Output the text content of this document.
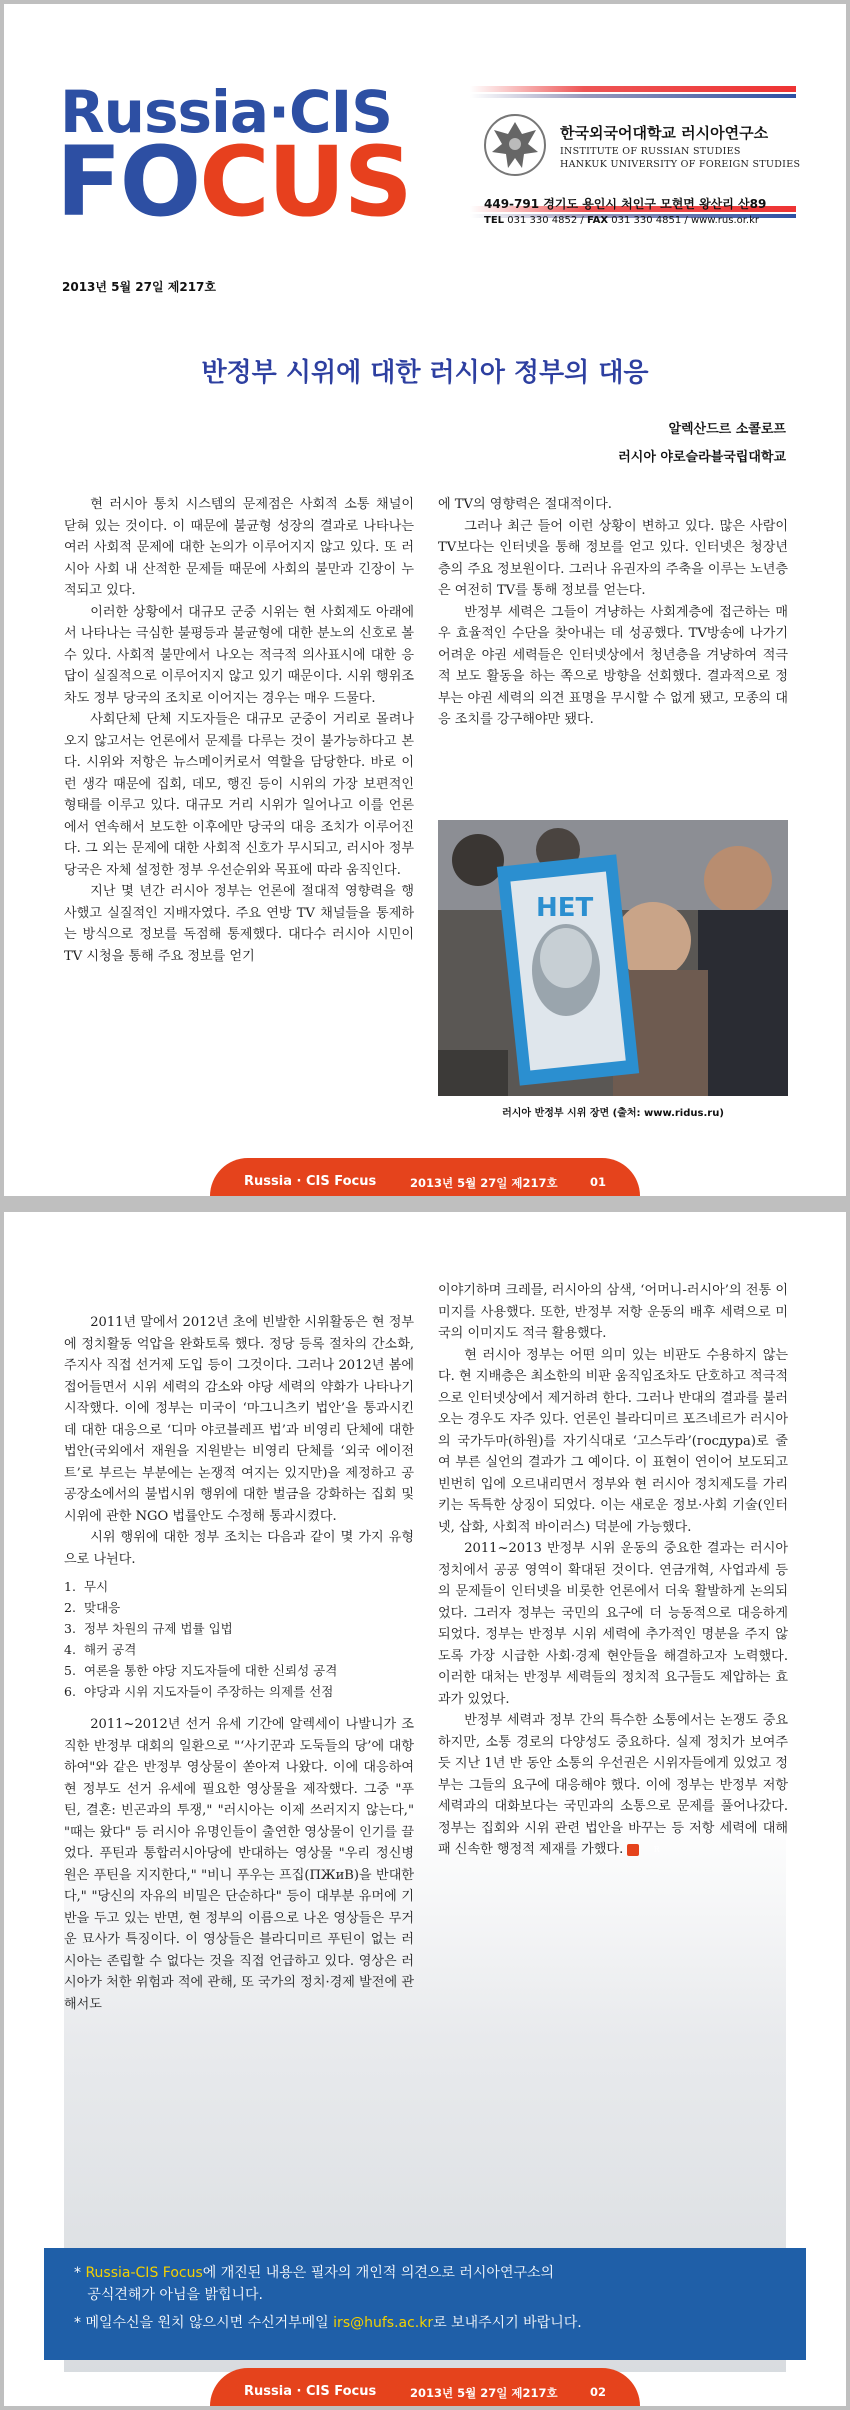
Russia·CIS
FOCUS	한국외국어대학교 러시아연구소
INSTITUTE OF RUSSIAN STUDIES
HANKUK UNIVERSITY OF FOREIGN STUDIES
449-791 경기도 용인시 처인구 모현면 왕산리 산89
TEL 031 330 4852 / FAX 031 330 4851 / www.rus.or.kr
2013년 5월 27일 제217호
반정부 시위에 대한 러시아 정부의 대응
알렉산드르 소콜로프
러시아 야로슬라블국립대학교

현 러시아 통치 시스템의 문제점은 사회적 소통 채널이 닫혀 있는 것이다. 이 때문에 불균형 성장의 결과로 나타나는 여러 사회적 문제에 대한 논의가 이루어지지 않고 있다. 또 러시아 사회 내 산적한 문제들 때문에 사회의 불만과 긴장이 누적되고 있다.

이러한 상황에서 대규모 군중 시위는 현 사회제도 아래에서 나타나는 극심한 불평등과 불균형에 대한 분노의 신호로 볼 수 있다. 사회적 불만에서 나오는 적극적 의사표시에 대한 응답이 실질적으로 이루어지지 않고 있기 때문이다. 시위 행위조차도 정부 당국의 조치로 이어지는 경우는 매우 드물다.

사회단체 단체 지도자들은 대규모 군중이 거리로 몰려나오지 않고서는 언론에서 문제를 다루는 것이 불가능하다고 본다. 시위와 저항은 뉴스메이커로서 역할을 담당한다. 바로 이런 생각 때문에 집회, 데모, 행진 등이 시위의 가장 보편적인 형태를 이루고 있다. 대규모 거리 시위가 일어나고 이를 언론에서 연속해서 보도한 이후에만 당국의 대응 조치가 이루어진다. 그 외는 문제에 대한 사회적 신호가 무시되고, 러시아 정부 당국은 자체 설정한 정부 우선순위와 목표에 따라 움직인다.

지난 몇 년간 러시아 정부는 언론에 절대적 영향력을 행사했고 실질적인 지배자였다. 주요 연방 TV 채널들을 통제하는 방식으로 정보를 독점해 통제했다. 대다수 러시아 시민이 TV 시청을 통해 주요 정보를 얻기

에 TV의 영향력은 절대적이다.

그러나 최근 들어 이런 상황이 변하고 있다. 많은 사람이 TV보다는 인터넷을 통해 정보를 얻고 있다. 인터넷은 청장년층의 주요 정보원이다. 그러나 유권자의 주축을 이루는 노년층은 여전히 TV를 통해 정보를 얻는다.

반정부 세력은 그들이 겨냥하는 사회계층에 접근하는 매우 효율적인 수단을 찾아내는 데 성공했다. TV방송에 나가기 어려운 야권 세력들은 인터넷상에서 청년층을 겨냥하여 적극적 보도 활동을 하는 쪽으로 방향을 선회했다. 결과적으로 정부는 야권 세력의 의견 표명을 무시할 수 없게 됐고, 모종의 대응 조치를 강구해야만 됐다.

HET
러시아 반정부 시위 장면 (출처: www.ridus.ru)
Russia · CIS Focus	2013년 5월 27일 제217호	01

2011년 말에서 2012년 초에 빈발한 시위활동은 현 정부에 정치활동 억압을 완화토록 했다. 정당 등록 절차의 간소화, 주지사 직접 선거제 도입 등이 그것이다. 그러나 2012년 봄에 접어들면서 시위 세력의 감소와 야당 세력의 약화가 나타나기 시작했다. 이에 정부는 미국이 ‘마그니츠키 법안’을 통과시킨 데 대한 대응으로 ‘디마 야코블레프 법’과 비영리 단체에 대한 법안(국외에서 재원을 지원받는 비영리 단체를 ‘외국 에이전트’로 부르는 부분에는 논쟁적 여지는 있지만)을 제정하고 공공장소에서의 불법시위 행위에 대한 벌금을 강화하는 집회 및 시위에 관한 NGO 법률안도 수정해 통과시켰다.

시위 행위에 대한 정부 조치는 다음과 같이 몇 가지 유형으로 나뉜다.

1. 무시
2. 맞대응
3. 정부 차원의 규제 법률 입법
4. 해커 공격
5. 여론을 통한 야당 지도자들에 대한 신뢰성 공격
6. 야당과 시위 지도자들이 주장하는 의제를 선점

2011~2012년 선거 유세 기간에 알렉세이 나발니가 조직한 반정부 대회의 일환으로 "‘사기꾼과 도둑들의 당’에 대항하여"와 같은 반정부 영상물이 쏟아져 나왔다. 이에 대응하여 현 정부도 선거 유세에 필요한 영상물을 제작했다. 그중 "푸틴, 결혼: 빈곤과의 투쟁," "러시아는 이제 쓰러지지 않는다," "때는 왔다" 등 러시아 유명인들이 출연한 영상물이 인기를 끌었다. 푸틴과 통합러시아당에 반대하는 영상물 "우리 정신병원은 푸틴을 지지한다," "비니 푸우는 프집(ПЖиВ)을 반대한다," "당신의 자유의 비밀은 단순하다" 등이 대부분 유머에 기반을 두고 있는 반면, 현 정부의 이름으로 나온 영상들은 무거운 묘사가 특징이다. 이 영상들은 블라디미르 푸틴이 없는 러시아는 존립할 수 없다는 것을 직접 언급하고 있다. 영상은 러시아가 처한 위험과 적에 관해, 또 국가의 정치·경제 발전에 관해서도

이야기하며 크레믈, 러시아의 삼색, ‘어머니-러시아’의 전통 이미지를 사용했다. 또한, 반정부 저항 운동의 배후 세력으로 미국의 이미지도 적극 활용했다.

현 러시아 정부는 어떤 의미 있는 비판도 수용하지 않는다. 현 지배층은 최소한의 비판 움직임조차도 단호하고 적극적으로 인터넷상에서 제거하려 한다. 그러나 반대의 결과를 불러오는 경우도 자주 있다. 언론인 블라디미르 포즈네르가 러시아의 국가두마(하원)를 자기식대로 ‘고스두라’(госдура)로 줄여 부른 실언의 결과가 그 예이다. 이 표현이 연이어 보도되고 빈번히 입에 오르내리면서 정부와 현 러시아 정치제도를 가리키는 독특한 상징이 되었다. 이는 새로운 정보·사회 기술(인터넷, 삽화, 사회적 바이러스) 덕분에 가능했다.

2011~2013 반정부 시위 운동의 중요한 결과는 러시아 정치에서 공공 영역이 확대된 것이다. 연금개혁, 사업과세 등의 문제들이 인터넷을 비롯한 언론에서 더욱 활발하게 논의되었다. 그러자 정부는 국민의 요구에 더 능동적으로 대응하게 되었다. 정부는 반정부 시위 세력에 추가적인 명분을 주지 않도록 가장 시급한 사회·경제 현안들을 해결하고자 노력했다. 이러한 대처는 반정부 세력들의 정치적 요구들도 제압하는 효과가 있었다.

반정부 세력과 정부 간의 특수한 소통에서는 논쟁도 중요하지만, 소통 경로의 다양성도 중요하다. 실제 정치가 보여주듯 지난 1년 반 동안 소통의 우선권은 시위자들에게 있었고 정부는 그들의 요구에 대응해야 했다. 이에 정부는 반정부 저항 세력과의 대화보다는 국민과의 소통으로 문제를 풀어나갔다. 정부는 집회와 시위 관련 법안을 바꾸는 등 저항 세력에 대해 패 신속한 행정적 제재를 가했다.	R

* Russia-CIS Focus에 개진된 내용은 필자의 개인적 의견으로 러시아연구소의
공식견해가 아님을 밝힙니다.
* 메일수신을 원치 않으시면 수신거부메일 irs@hufs.ac.kr로 보내주시기 바랍니다.
Russia · CIS Focus	2013년 5월 27일 제217호	02
